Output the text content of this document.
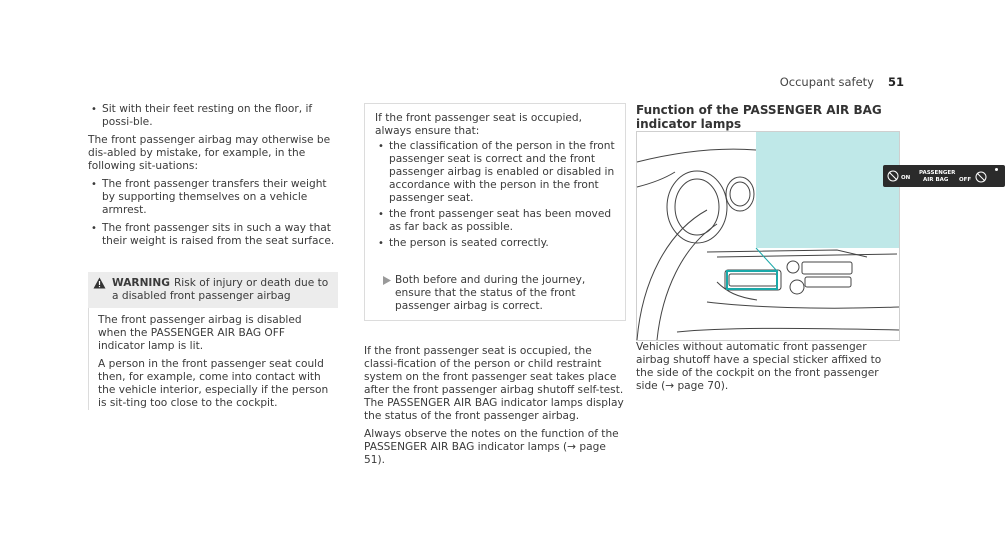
Occupant safety 51

• Sit with their feet resting on the floor, if possi-ble.

The front passenger airbag may otherwise be dis-abled by mistake, for example, in the following sit-uations:

• The front passenger transfers their weight by supporting themselves on a vehicle armrest.

• The front passenger sits in such a way that their weight is raised from the seat surface.

WARNING Risk of injury or death due to a disabled front passenger airbag

The front passenger airbag is disabled when the PASSENGER AIR BAG OFF indicator lamp is lit.

A person in the front passenger seat could then, for example, come into contact with the vehicle interior, especially if the person is sit-ting too close to the cockpit.

If the front passenger seat is occupied, always ensure that:

• the classification of the person in the front passenger seat is correct and the front passenger airbag is enabled or disabled in accordance with the person in the front passenger seat.

• the front passenger seat has been moved as far back as possible.

• the person is seated correctly.

Both before and during the journey, ensure that the status of the front passenger airbag is correct.

If the front passenger seat is occupied, the classi-fication of the person or child restraint system on the front passenger seat takes place after the front passenger airbag shutoff self-test. The PASSENGER AIR BAG indicator lamps display the status of the front passenger airbag.

Always observe the notes on the function of the PASSENGER AIR BAG indicator lamps (→ page 51).

Function of the PASSENGER AIR BAG indicator lamps

ON
PASSENGER
AIR BAG OFF

Vehicles without automatic front passenger airbag shutoff have a special sticker affixed to the side of the cockpit on the front passenger side (→ page 70).
